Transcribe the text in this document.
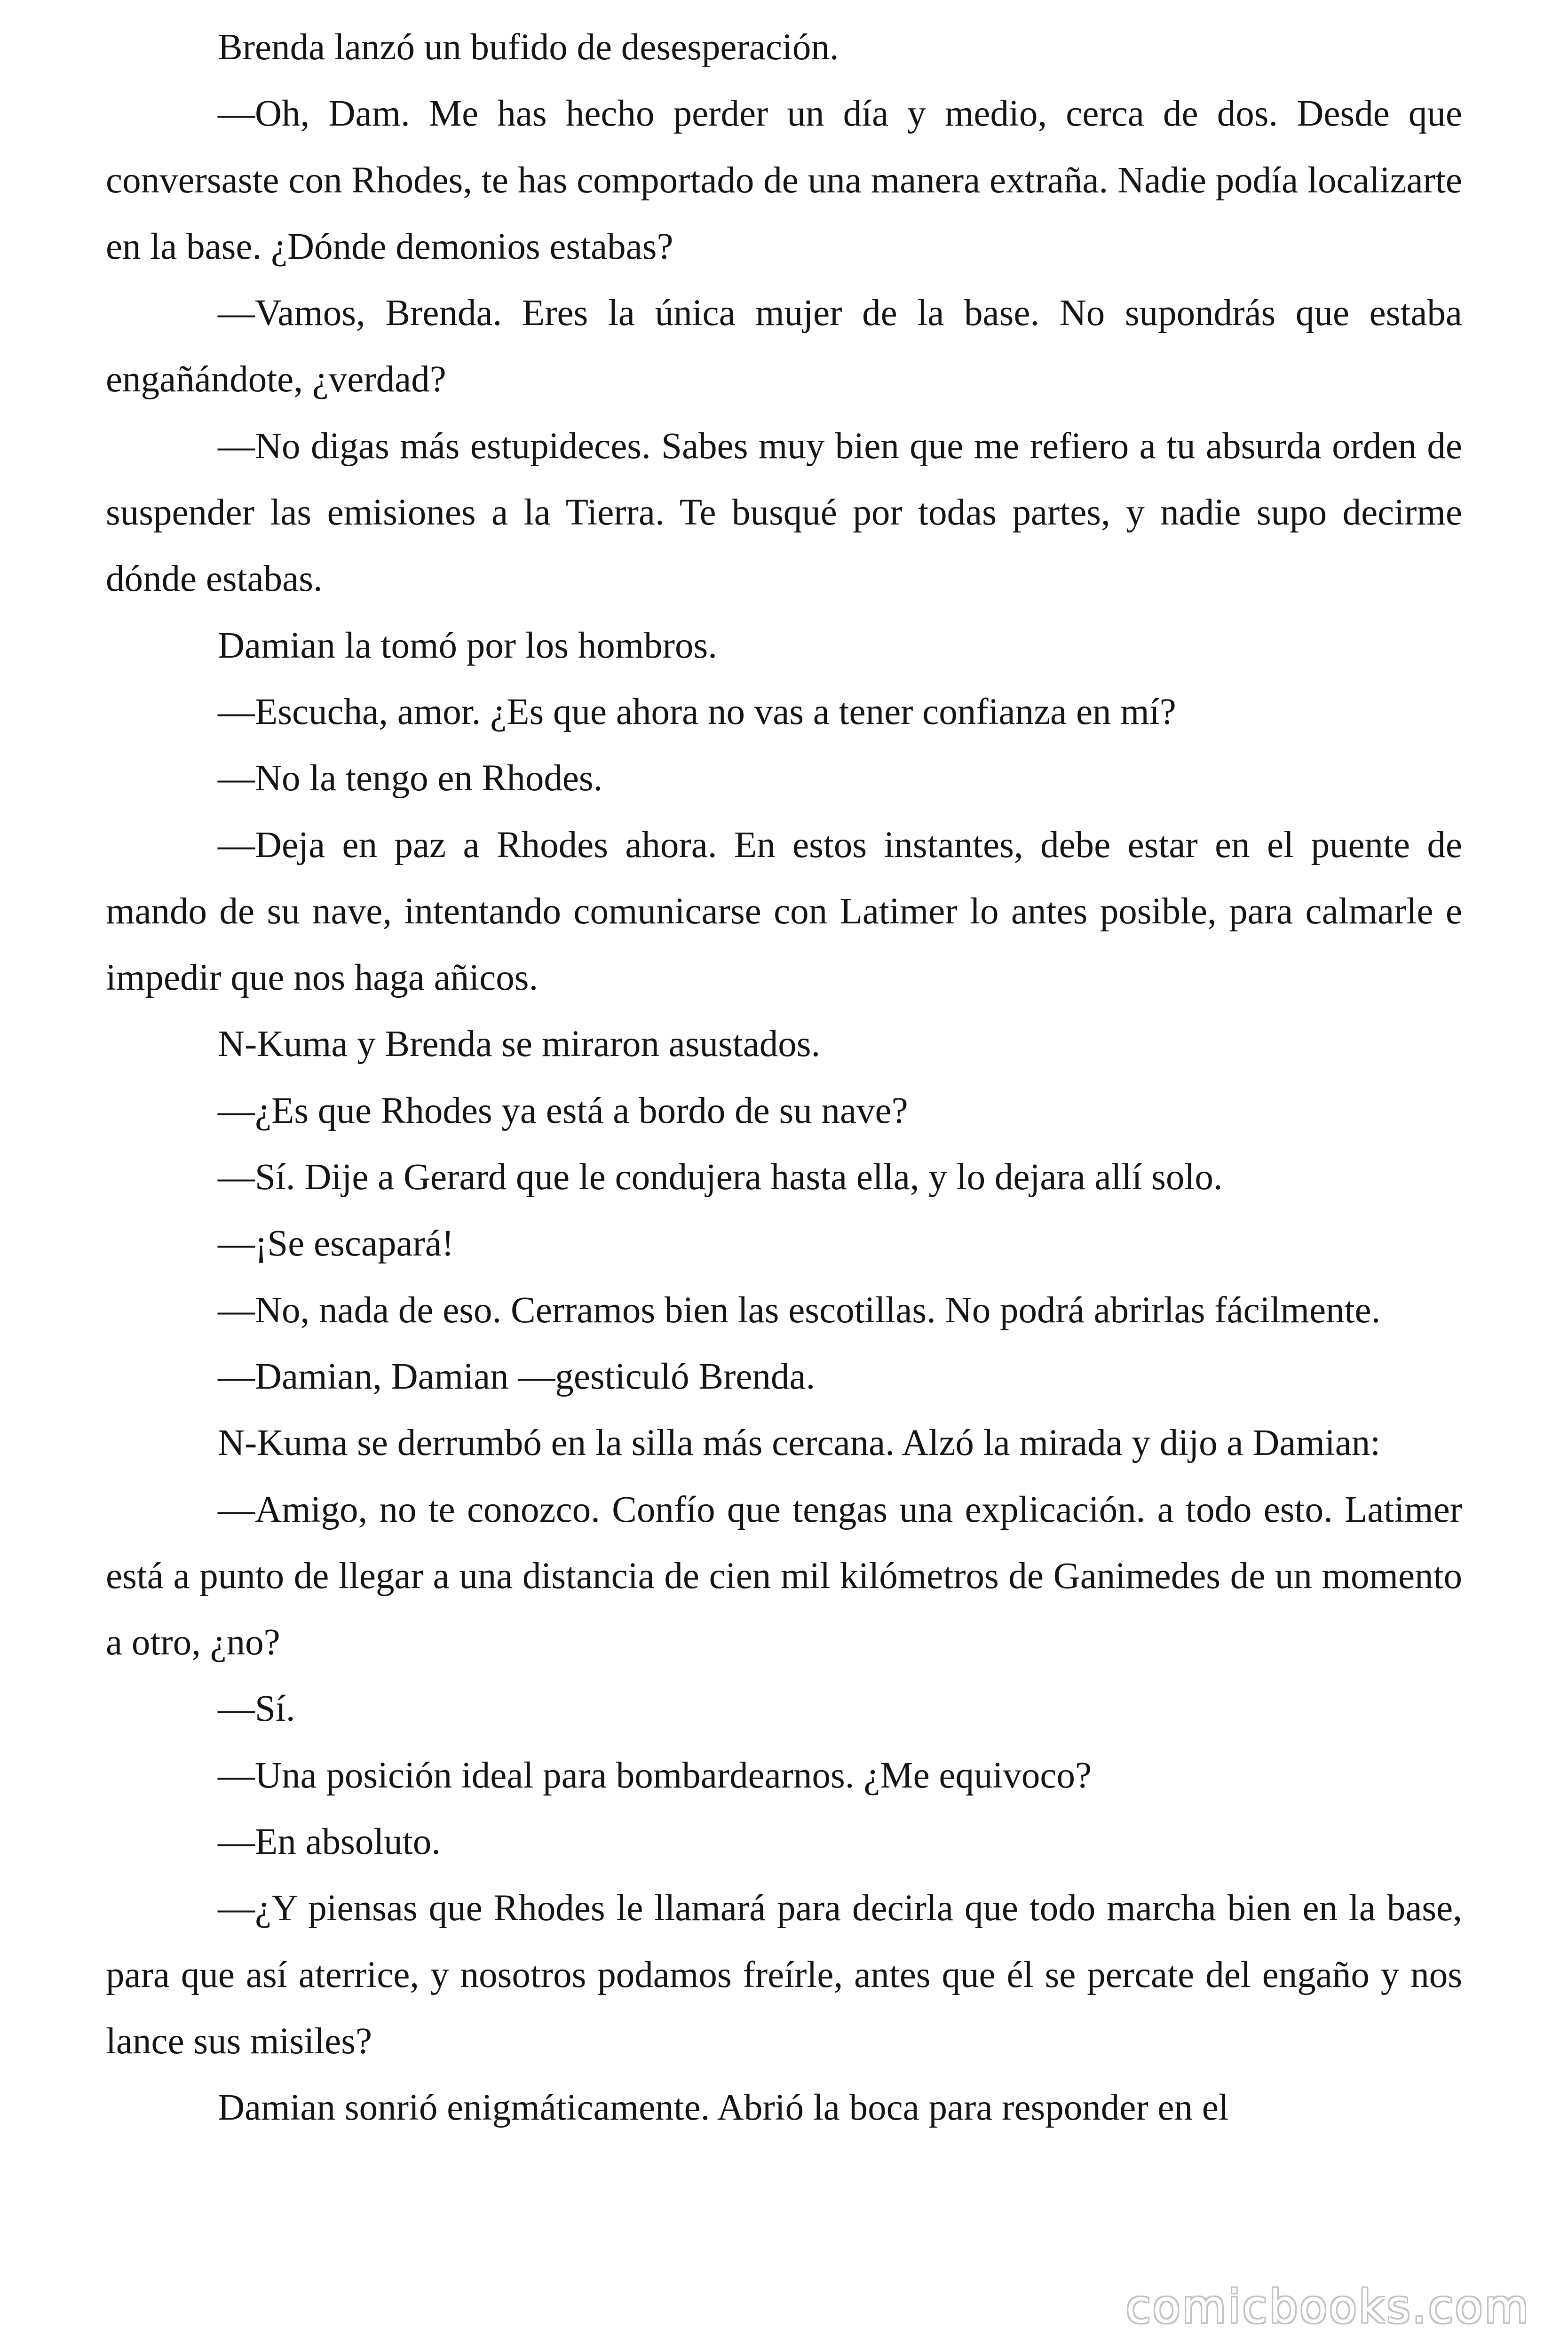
Brenda lanzó un bufido de desesperación.

—Oh, Dam. Me has hecho perder un día y medio, cerca de dos. Desde que conversaste con Rhodes, te has comportado de una manera extraña. Nadie podía localizarte en la base. ¿Dónde demonios estabas?

—Vamos, Brenda. Eres la única mujer de la base. No supondrás que estaba engañándote, ¿verdad?

—No digas más estupideces. Sabes muy bien que me refiero a tu absurda orden de suspender las emisiones a la Tierra. Te busqué por todas partes, y nadie supo decirme dónde estabas.

Damian la tomó por los hombros.

—Escucha, amor. ¿Es que ahora no vas a tener confianza en mí?

—No la tengo en Rhodes.

—Deja en paz a Rhodes ahora. En estos instantes, debe estar en el puente de mando de su nave, intentando comunicarse con Latimer lo antes posible, para calmarle e impedir que nos haga añicos.

N-Kuma y Brenda se miraron asustados.

—¿Es que Rhodes ya está a bordo de su nave?

—Sí. Dije a Gerard que le condujera hasta ella, y lo dejara allí solo.

—¡Se escapará!

—No, nada de eso. Cerramos bien las escotillas. No podrá abrirlas fácilmente.

—Damian, Damian —gesticuló Brenda.

N-Kuma se derrumbó en la silla más cercana. Alzó la mirada y dijo a Damian:

—Amigo, no te conozco. Confío que tengas una explicación. a todo esto. Latimer está a punto de llegar a una distancia de cien mil kilómetros de Ganimedes de un momento a otro, ¿no?

—Sí.

—Una posición ideal para bombardearnos. ¿Me equivoco?

—En absoluto.

—¿Y piensas que Rhodes le llamará para decirla que todo marcha bien en la base, para que así aterrice, y nosotros podamos freírle, antes que él se percate del engaño y nos lance sus misiles?

Damian sonrió enigmáticamente. Abrió la boca para responder en el

comicbooks.com
